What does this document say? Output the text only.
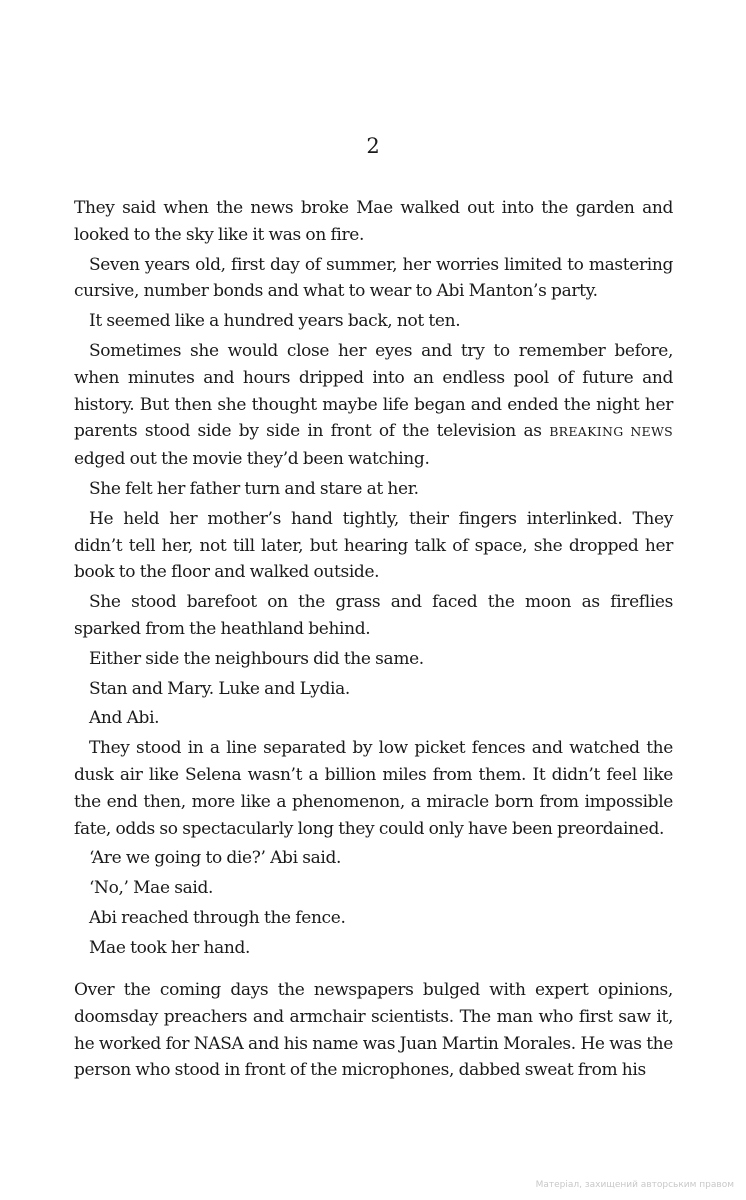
2

They said when the news broke Mae walked out into the garden and looked to the sky like it was on fire.

Seven years old, first day of summer, her worries limited to mastering cursive, number bonds and what to wear to Abi Manton’s party.

It seemed like a hundred years back, not ten.

Sometimes she would close her eyes and try to remember before, when minutes and hours dripped into an endless pool of future and history. But then she thought maybe life began and ended the night her parents stood side by side in front of the television as BREAKING NEWS edged out the movie they’d been watching.

She felt her father turn and stare at her.

He held her mother’s hand tightly, their fingers interlinked. They didn’t tell her, not till later, but hearing talk of space, she dropped her book to the floor and walked outside.

She stood barefoot on the grass and faced the moon as fireflies sparked from the heathland behind.

Either side the neighbours did the same.

Stan and Mary. Luke and Lydia.

And Abi.

They stood in a line separated by low picket fences and watched the dusk air like Selena wasn’t a billion miles from them. It didn’t feel like the end then, more like a phenomenon, a miracle born from impossible fate, odds so spectacularly long they could only have been preordained.

‘Are we going to die?’ Abi said.

‘No,’ Mae said.

Abi reached through the fence.

Mae took her hand.

Over the coming days the newspapers bulged with expert opinions, doomsday preachers and armchair scientists. The man who first saw it, he worked for NASA and his name was Juan Martin Morales. He was the person who stood in front of the microphones, dabbed sweat from his

Матеріал, захищений авторським правом
